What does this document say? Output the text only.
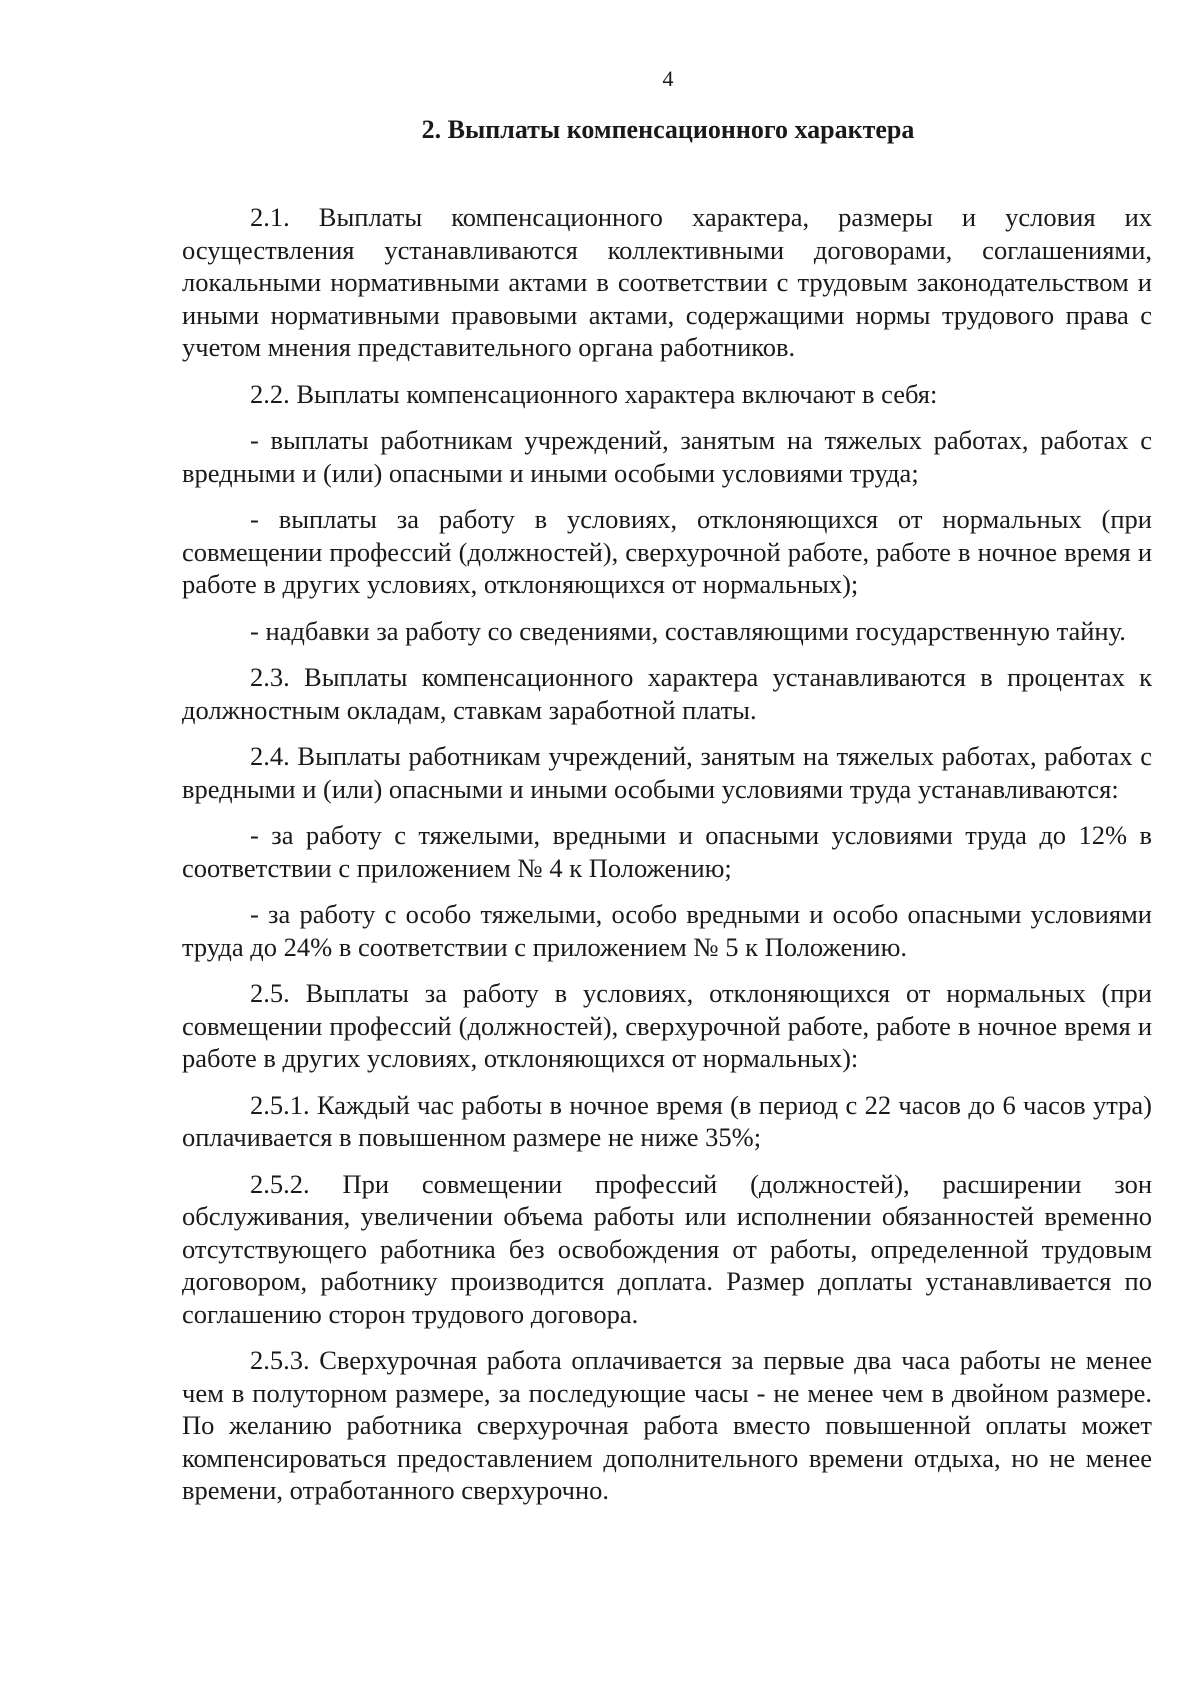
4
2. Выплаты компенсационного характера

2.1. Выплаты компенсационного характера, размеры и условия их осуществления устанавливаются коллективными договорами, соглашениями, локальными нормативными актами в соответствии с трудовым законодательством и иными нормативными правовыми актами, содержащими нормы трудового права с учетом мнения представительного органа работников.

2.2. Выплаты компенсационного характера включают в себя:

- выплаты работникам учреждений, занятым на тяжелых работах, работах с вредными и (или) опасными и иными особыми условиями труда;

- выплаты за работу в условиях, отклоняющихся от нормальных (при совмещении профессий (должностей), сверхурочной работе, работе в ночное время и работе в других условиях, отклоняющихся от нормальных);

- надбавки за работу со сведениями, составляющими государственную тайну.

2.3. Выплаты компенсационного характера устанавливаются в процентах к должностным окладам, ставкам заработной платы.

2.4. Выплаты работникам учреждений, занятым на тяжелых работах, работах с вредными и (или) опасными и иными особыми условиями труда устанавливаются:

- за работу с тяжелыми, вредными и опасными условиями труда до 12% в соответствии с приложением № 4 к Положению;

- за работу с особо тяжелыми, особо вредными и особо опасными условиями труда до 24% в соответствии с приложением № 5 к Положению.

2.5. Выплаты за работу в условиях, отклоняющихся от нормальных (при совмещении профессий (должностей), сверхурочной работе, работе в ночное время и работе в других условиях, отклоняющихся от нормальных):

2.5.1. Каждый час работы в ночное время (в период с 22 часов до 6 часов утра) оплачивается в повышенном размере не ниже 35%;

2.5.2. При совмещении профессий (должностей), расширении зон обслуживания, увеличении объема работы или исполнении обязанностей временно отсутствующего работника без освобождения от работы, определенной трудовым договором, работнику производится доплата. Размер доплаты устанавливается по соглашению сторон трудового договора.

2.5.3. Сверхурочная работа оплачивается за первые два часа работы не менее чем в полуторном размере, за последующие часы - не менее чем в двойном размере. По желанию работника сверхурочная работа вместо повышенной оплаты может компенсироваться предоставлением дополнительного времени отдыха, но не менее времени, отработанного сверхурочно.
